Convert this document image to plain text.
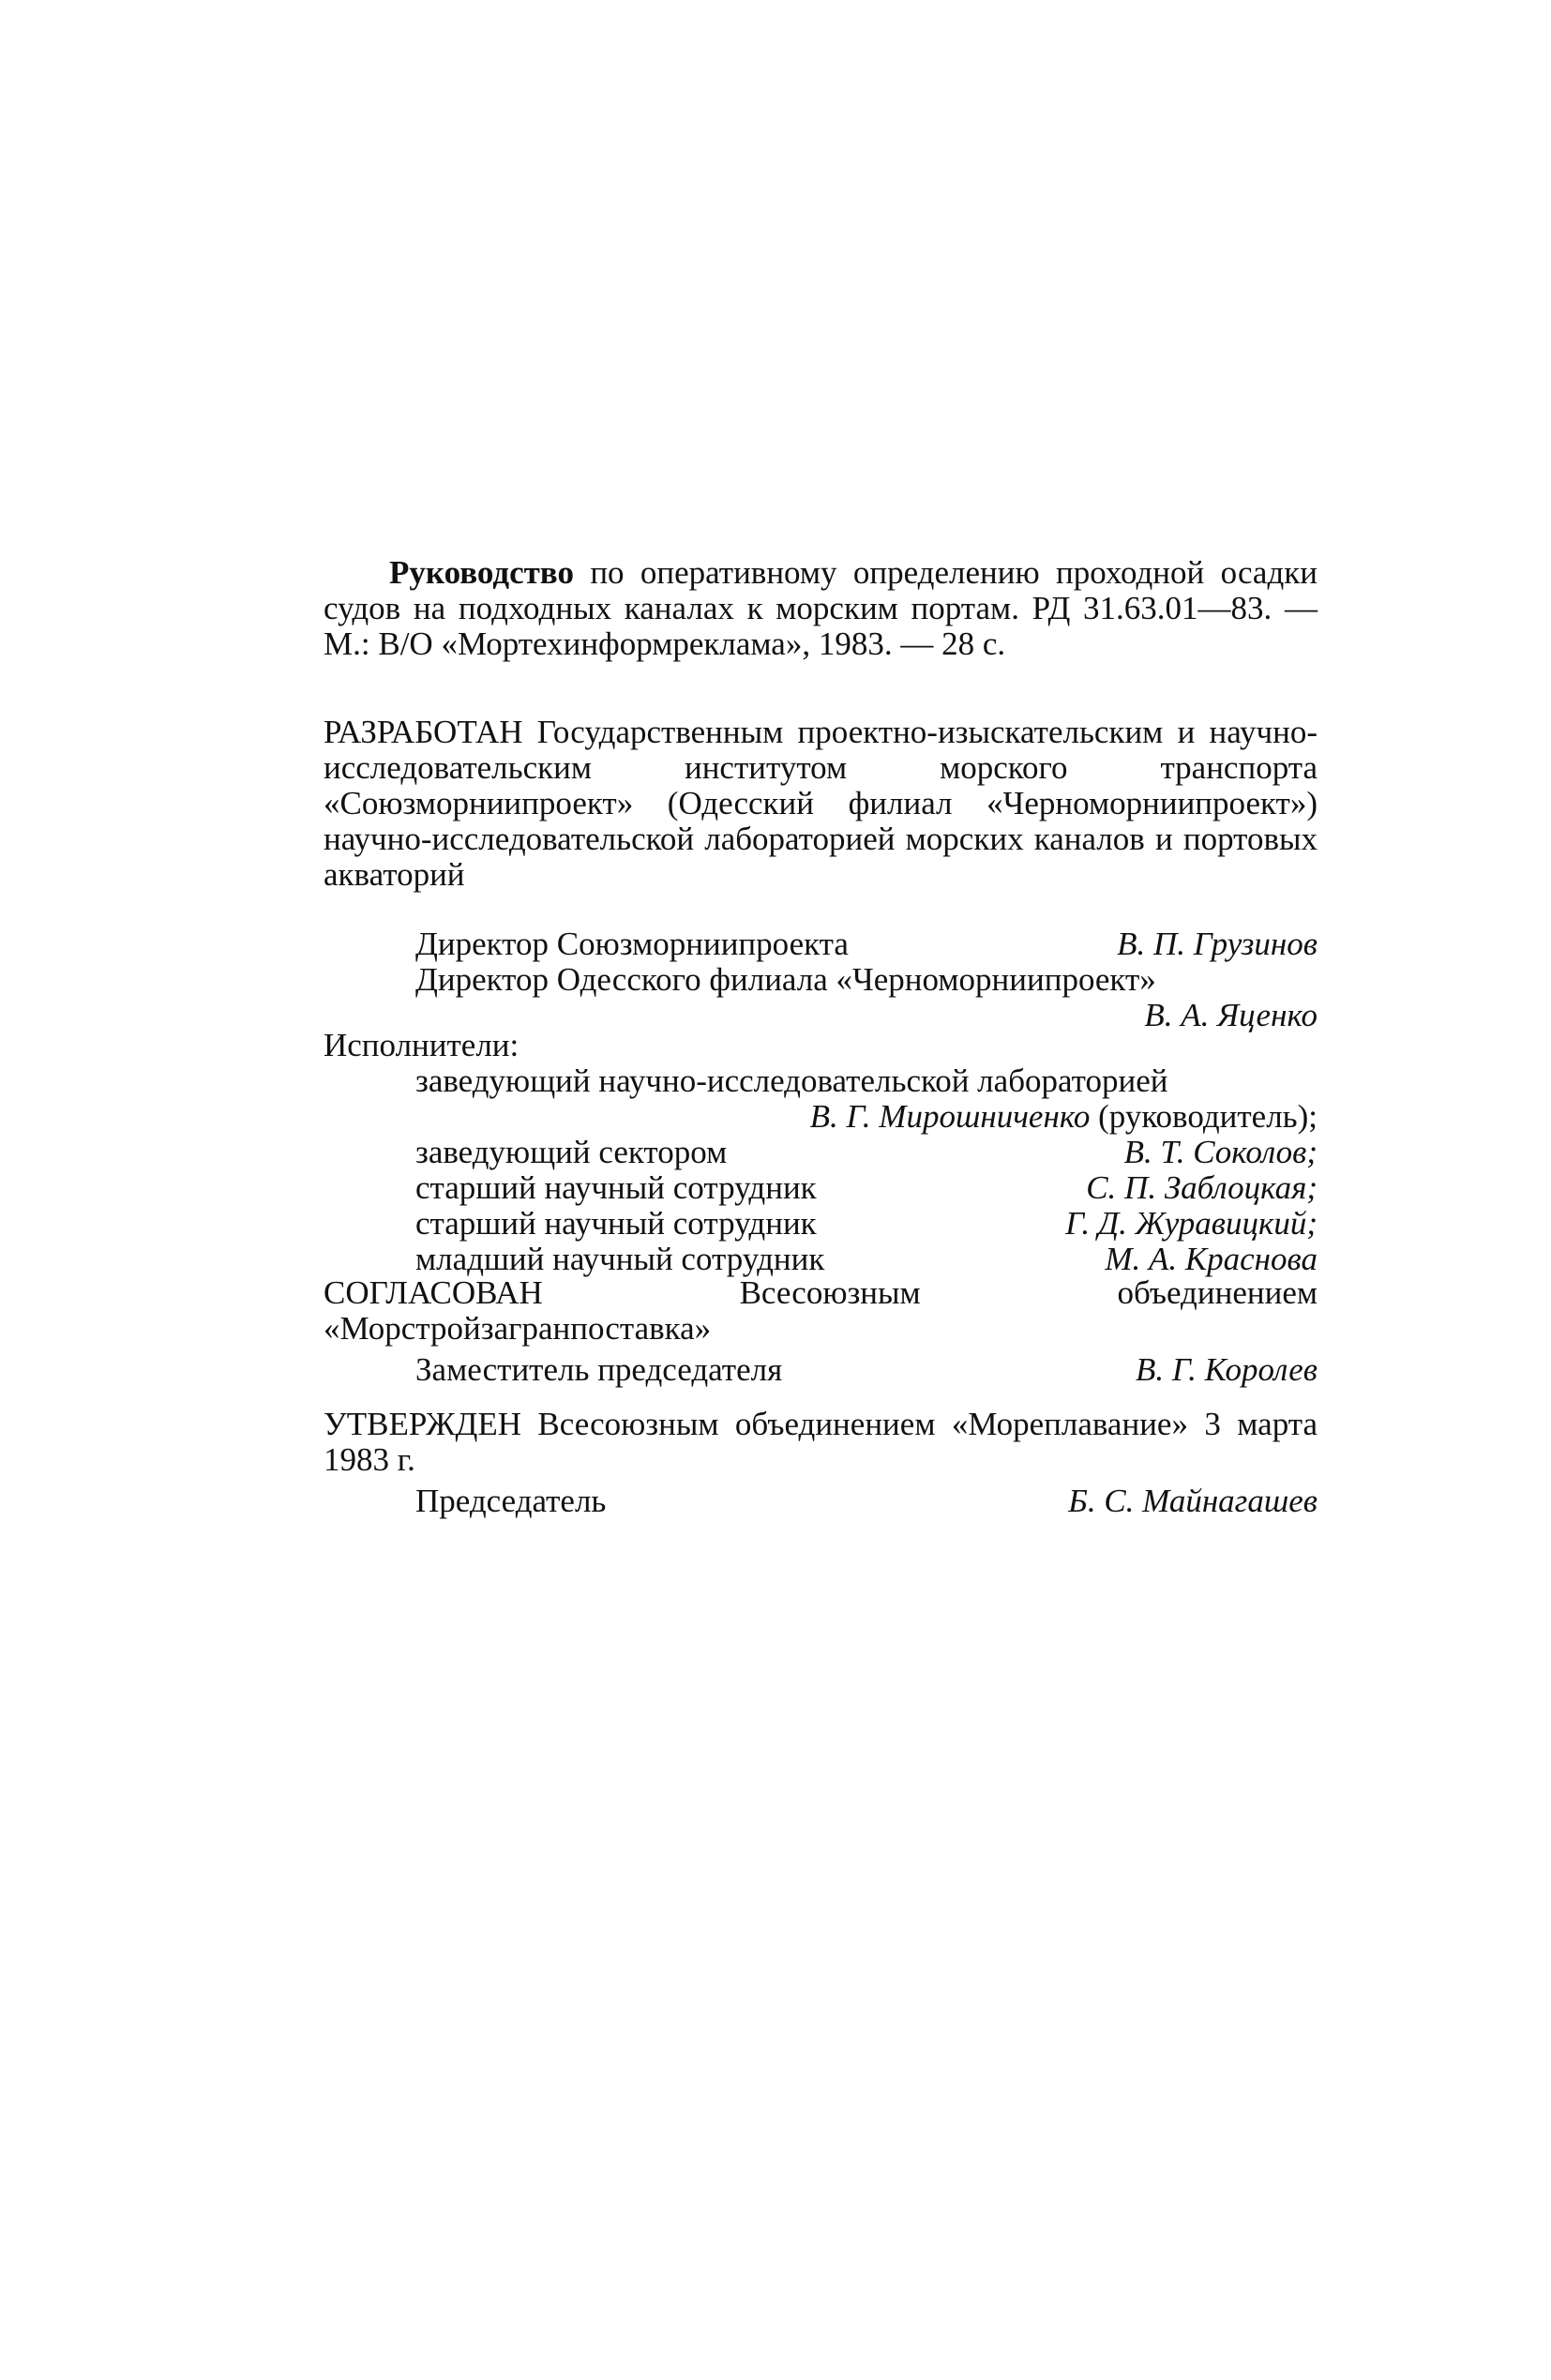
Руководство по оперативному определению проходной осадки судов на подходных каналах к морским портам. РД 31.63.01—83. —М.: В/О «Мортехинформреклама», 1983. — 28 с.

РАЗРАБОТАН Государственным проектно-изыскательским и научно-исследовательским институтом морского транспорта «Союзморниипроект» (Одесский филиал «Черноморниипроект») научно-исследовательской лабораторией морских каналов и портовых акваторий

Директор Союзморниипроекта	В. П. Грузинов
Директор Одесского филиала «Черноморниипроект»
В. А. Яценко

Исполнители:

заведующий научно-исследовательской лабораторией
В. Г. Мирошниченко (руководитель);
заведующий сектором	В. Т. Соколов;
старший научный сотрудник	С. П. Заблоцкая;
старший научный сотрудник	Г. Д. Журавицкий;
младший научный сотрудник	М. А. Краснова

СОГЛАСОВАН	Всесоюзным объединением «Морстройзагранпоставка»

Заместитель председателя	В. Г. Королев

УТВЕРЖДЕН Всесоюзным объединением «Мореплавание» 3 марта 1983 г.

Председатель	Б. С. Майнагашев
